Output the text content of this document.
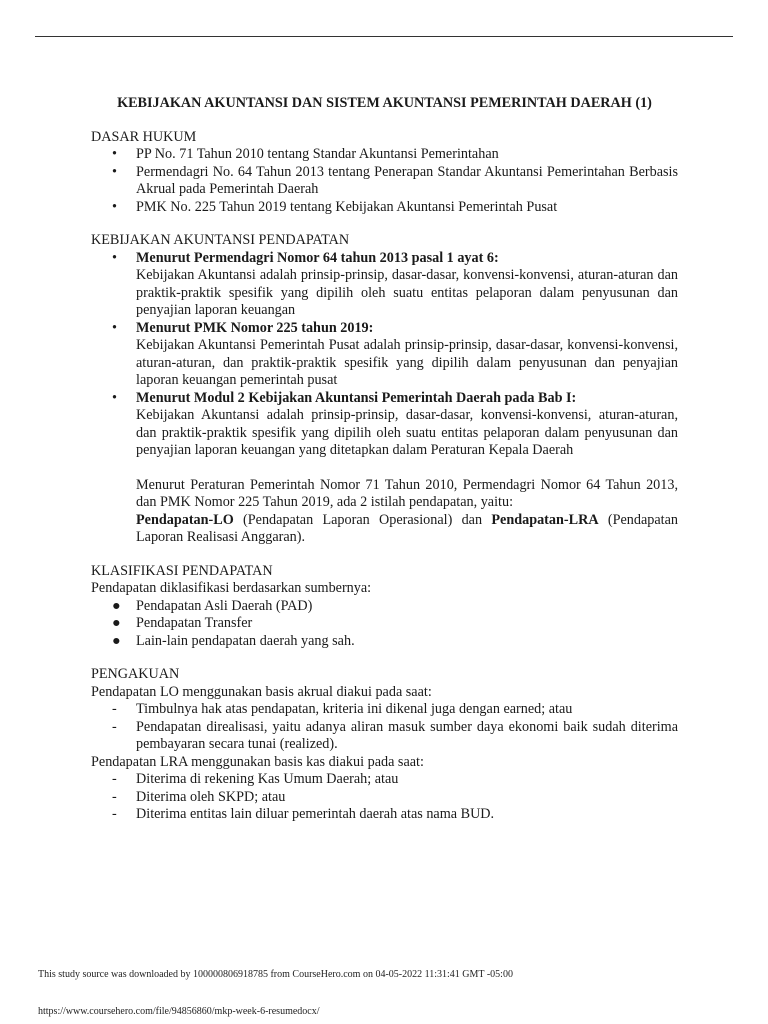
KEBIJAKAN AKUNTANSI DAN SISTEM AKUNTANSI PEMERINTAH DAERAH (1)
DASAR HUKUM
• PP No. 71 Tahun 2010 tentang Standar Akuntansi Pemerintahan
• Permendagri No. 64 Tahun 2013 tentang Penerapan Standar Akuntansi Pemerintahan Berbasis Akrual pada Pemerintah Daerah
• PMK No. 225 Tahun 2019 tentang Kebijakan Akuntansi Pemerintah Pusat
KEBIJAKAN AKUNTANSI PENDAPATAN
• Menurut Permendagri Nomor 64 tahun 2013 pasal 1 ayat 6:
Kebijakan Akuntansi adalah prinsip-prinsip, dasar-dasar, konvensi-konvensi, aturan-aturan dan praktik-praktik spesifik yang dipilih oleh suatu entitas pelaporan dalam penyusunan dan penyajian laporan keuangan
• Menurut PMK Nomor 225 tahun 2019:
Kebijakan Akuntansi Pemerintah Pusat adalah prinsip-prinsip, dasar-dasar, konvensi-konvensi, aturan-aturan, dan praktik-praktik spesifik yang dipilih dalam penyusunan dan penyajian laporan keuangan pemerintah pusat
• Menurut Modul 2 Kebijakan Akuntansi Pemerintah Daerah pada Bab I:
Kebijakan Akuntansi adalah prinsip-prinsip, dasar-dasar, konvensi-konvensi, aturan-aturan, dan praktik-praktik spesifik yang dipilih oleh suatu entitas pelaporan dalam penyusunan dan penyajian laporan keuangan yang ditetapkan dalam Peraturan Kepala Daerah
Menurut Peraturan Pemerintah Nomor 71 Tahun 2010, Permendagri Nomor 64 Tahun 2013, dan PMK Nomor 225 Tahun 2019, ada 2 istilah pendapatan, yaitu:
Pendapatan-LO (Pendapatan Laporan Operasional) dan Pendapatan-LRA (Pendapatan Laporan Realisasi Anggaran).
KLASIFIKASI PENDAPATAN

Pendapatan diklasifikasi berdasarkan sumbernya:

● Pendapatan Asli Daerah (PAD)
● Pendapatan Transfer
● Lain-lain pendapatan daerah yang sah.
PENGAKUAN

Pendapatan LO menggunakan basis akrual diakui pada saat:

- Timbulnya hak atas pendapatan, kriteria ini dikenal juga dengan earned; atau
- Pendapatan direalisasi, yaitu adanya aliran masuk sumber daya ekonomi baik sudah diterima pembayaran secara tunai (realized).

Pendapatan LRA menggunakan basis kas diakui pada saat:

- Diterima di rekening Kas Umum Daerah; atau
- Diterima oleh SKPD; atau
- Diterima entitas lain diluar pemerintah daerah atas nama BUD.
This study source was downloaded by 100000806918785 from CourseHero.com on 04-05-2022 11:31:41 GMT -05:00
https://www.coursehero.com/file/94856860/mkp-week-6-resumedocx/
